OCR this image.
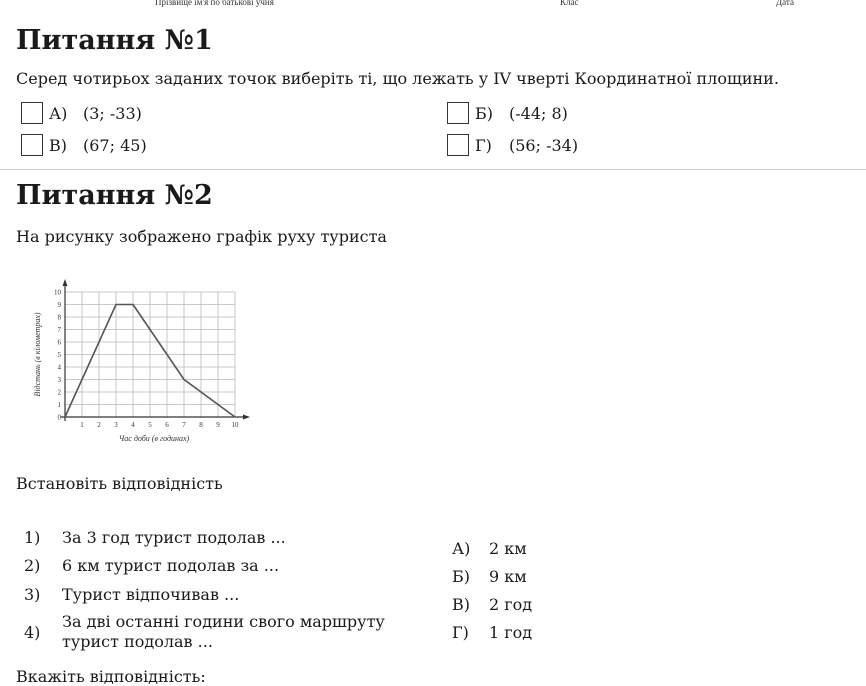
Прізвище ім'я по батькові учня	Клас	Дата
Питання №1
Серед чотирьох заданих точок виберіть ті, що лежать у IV чверті Координатної площини.
А) (3; -33)	Б)	(-44; 8)
В)	(67; 45)	Г)	(56; -34)
Питання №2
На рисунку зображено графік руху туриста
1 2 3 4 5 6 7 8 9 10
0
1
2
3
4
5
6
7
8
9
10
Час доби (в годинах)
Відстань (в кілометрах)
Встановіть відповідність
1) За 3 год турист подолав ...
2) 6 км турист подолав за ...
3) Турист відпочивав ...
4)
За дві останні години свого маршруту турист подолав ...
А) 2 км
Б) 9 км
В) 2 год
Г) 1 год
Вкажіть відповідність:
